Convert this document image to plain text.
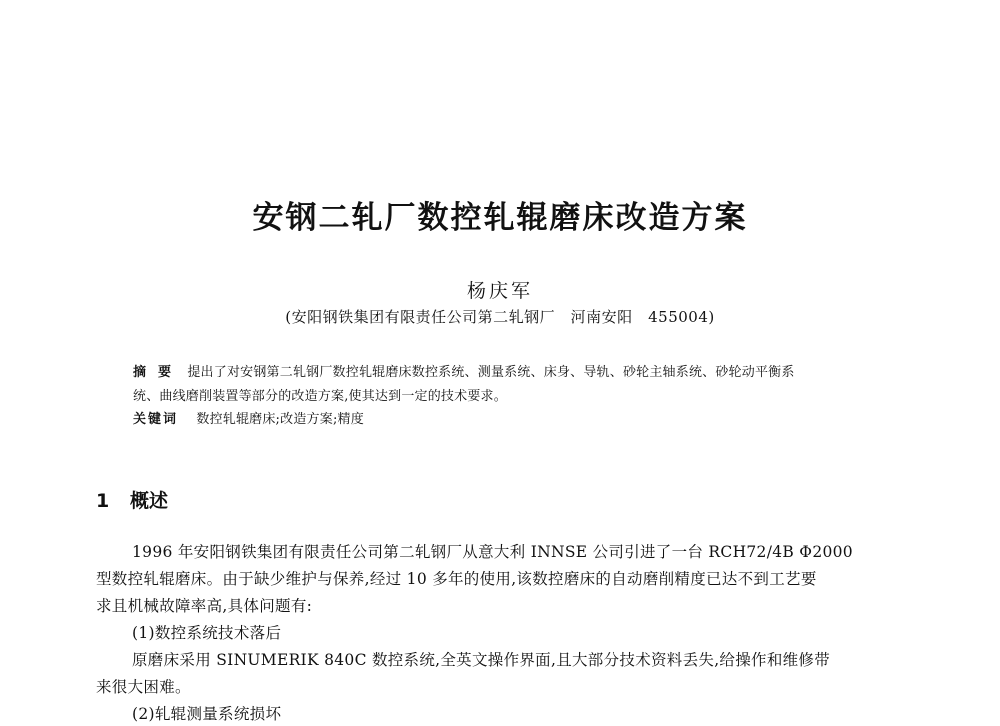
安钢二轧厂数控轧辊磨床改造方案
杨庆军
(安阳钢铁集团有限责任公司第二轧钢厂　河南安阳　455004)
摘要 提出了对安钢第二轧钢厂数控轧辊磨床数控系统、测量系统、床身、导轨、砂轮主轴系统、砂轮动平衡系
统、曲线磨削装置等部分的改造方案,使其达到一定的技术要求。
关键词 数控轧辊磨床;改造方案;精度
1 概述
1996 年安阳钢铁集团有限责任公司第二轧钢厂从意大利 INNSE 公司引进了一台 RCH72/4B Φ2000
型数控轧辊磨床。由于缺少维护与保养,经过 10 多年的使用,该数控磨床的自动磨削精度已达不到工艺要
求且机械故障率高,具体问题有:
(1)数控系统技术落后
原磨床采用 SINUMERIK 840C 数控系统,全英文操作界面,且大部分技术资料丢失,给操作和维修带
来很大困难。
(2)轧辊测量系统损坏
